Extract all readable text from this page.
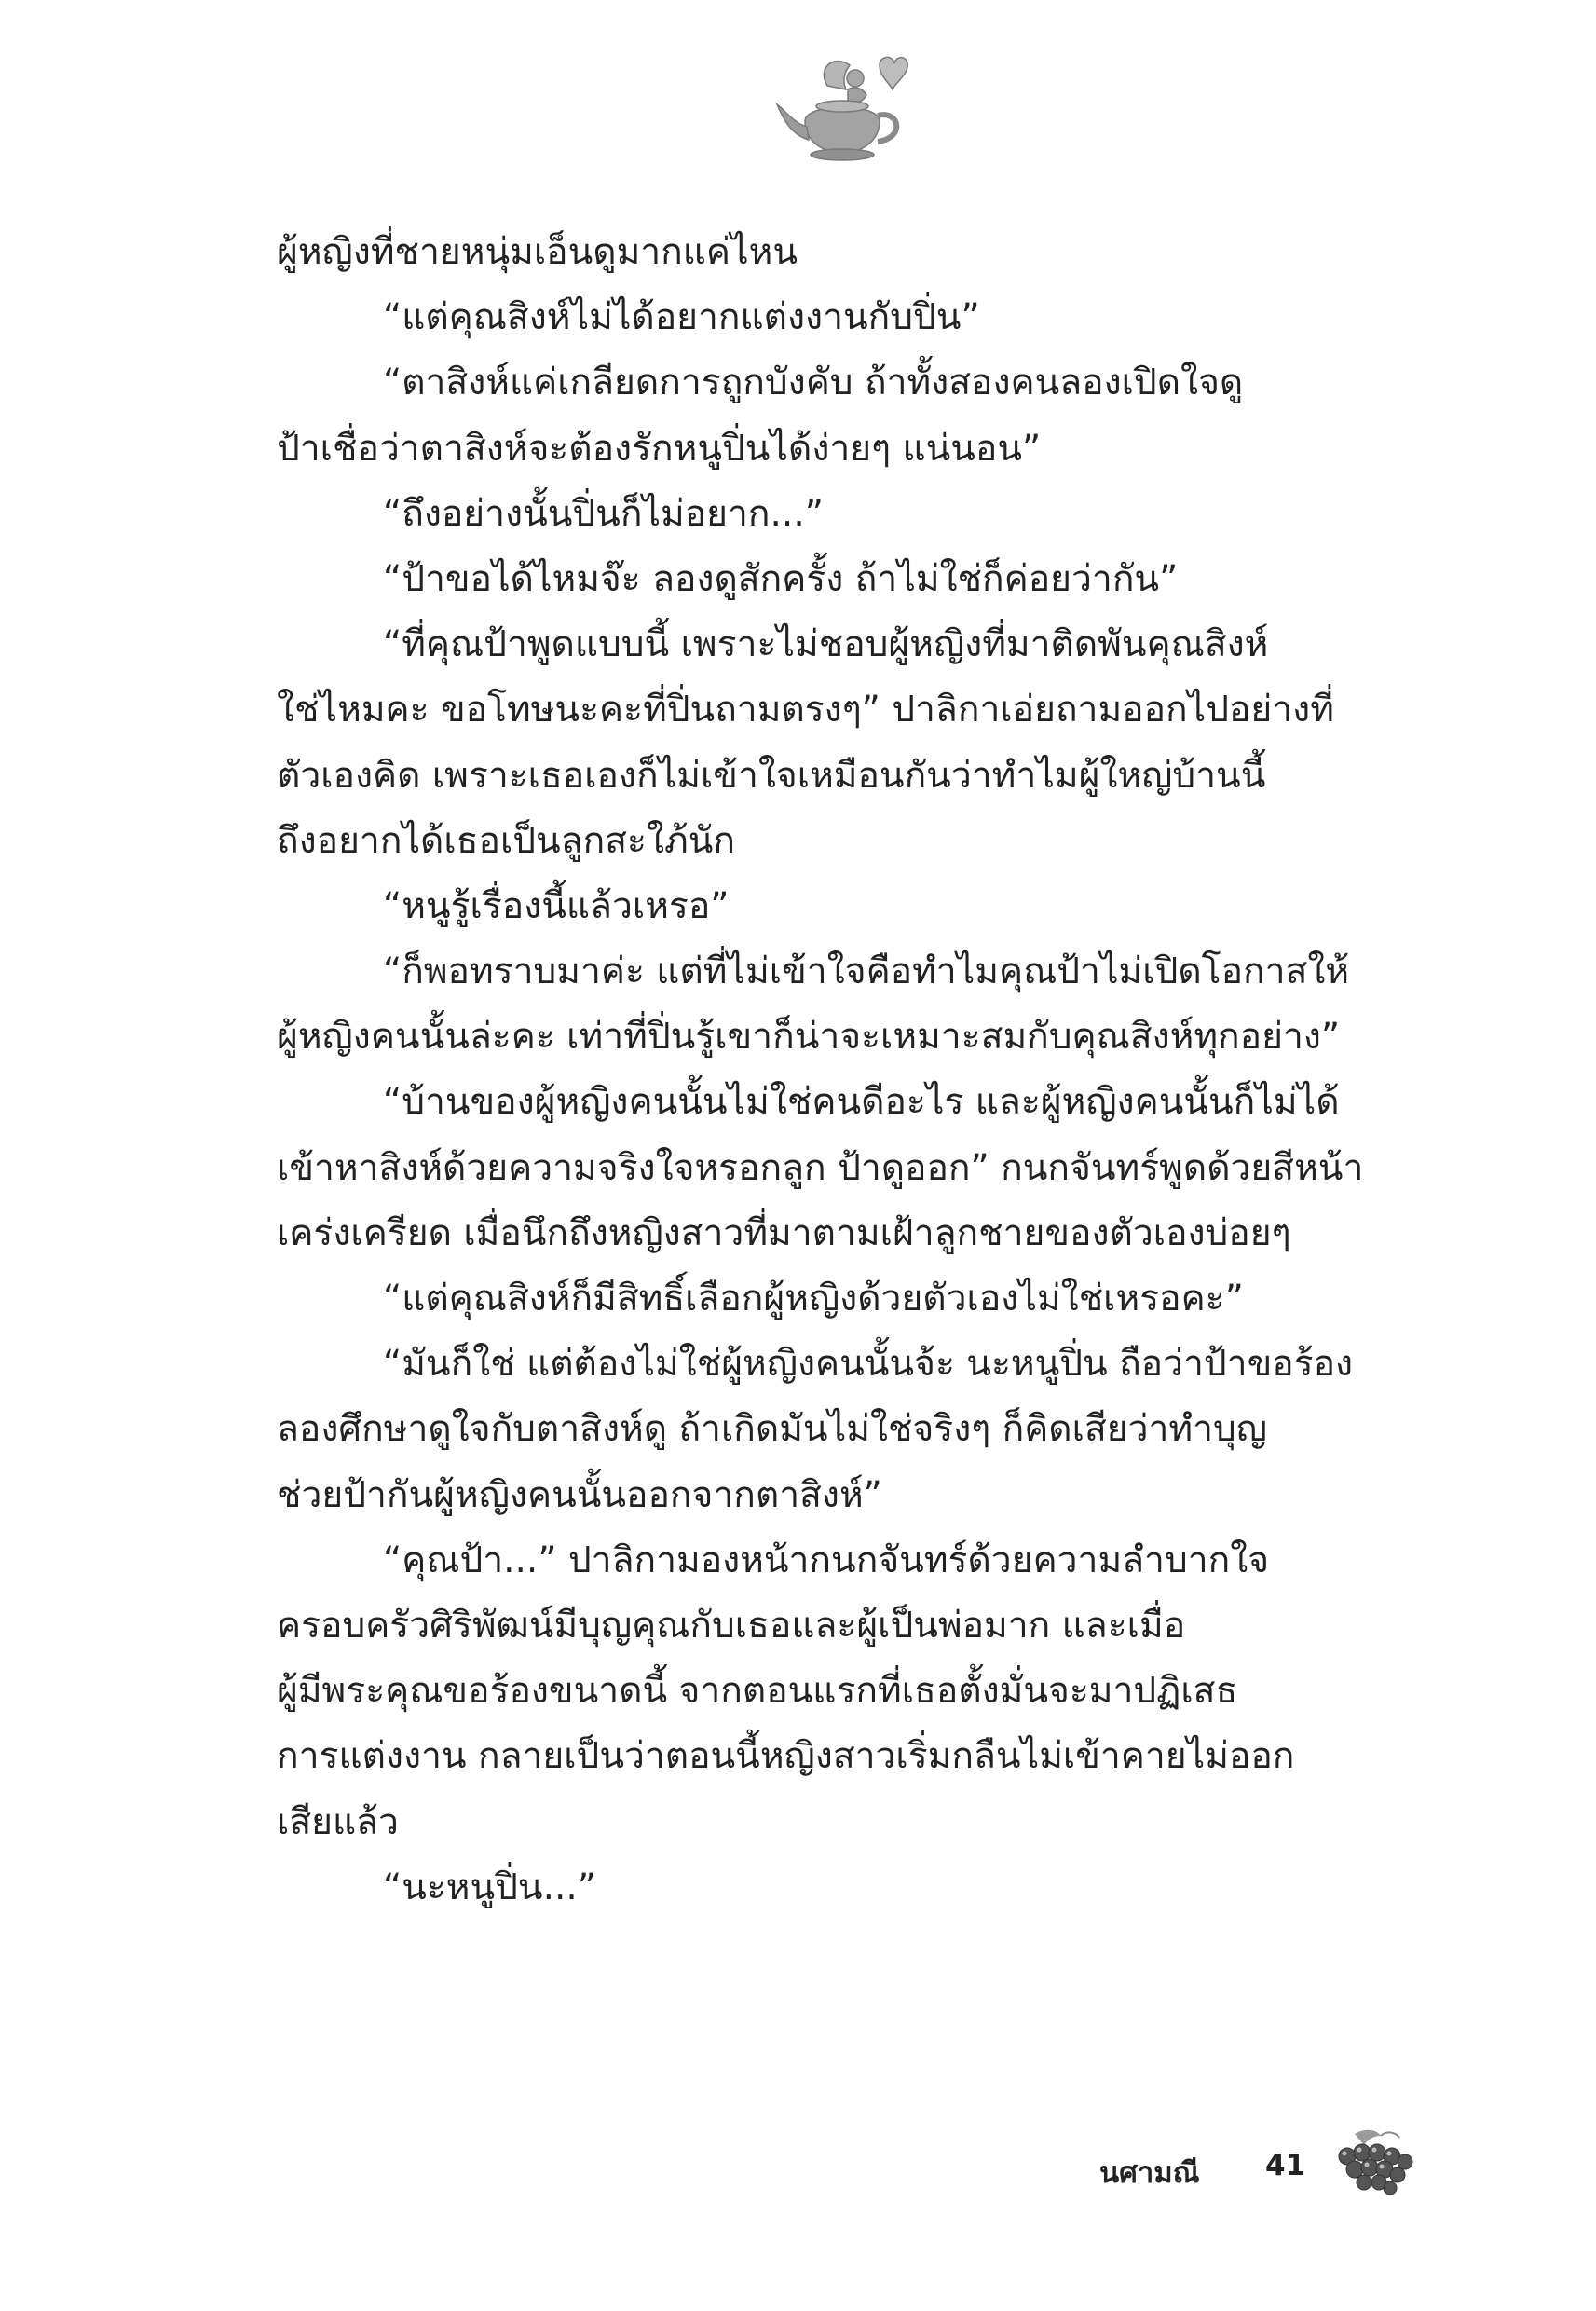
ผู้หญิงที่ชายหนุ่มเอ็นดูมากแค่ไหน
“แต่คุณสิงห์ไม่ได้อยากแต่งงานกับปิ่น”
“ตาสิงห์แค่เกลียดการถูกบังคับ ถ้าทั้งสองคนลองเปิดใจดู
ป้าเชื่อว่าตาสิงห์จะต้องรักหนูปิ่นได้ง่ายๆ แน่นอน”
“ถึงอย่างนั้นปิ่นก็ไม่อยาก...”
“ป้าขอได้ไหมจ๊ะ ลองดูสักครั้ง ถ้าไม่ใช่ก็ค่อยว่ากัน”
“ที่คุณป้าพูดแบบนี้ เพราะไม่ชอบผู้หญิงที่มาติดพันคุณสิงห์
ใช่ไหมคะ ขอโทษนะคะที่ปิ่นถามตรงๆ” ปาลิกาเอ่ยถามออกไปอย่างที่
ตัวเองคิด เพราะเธอเองก็ไม่เข้าใจเหมือนกันว่าทำไมผู้ใหญ่บ้านนี้
ถึงอยากได้เธอเป็นลูกสะใภ้นัก
“หนูรู้เรื่องนี้แล้วเหรอ”
“ก็พอทราบมาค่ะ แต่ที่ไม่เข้าใจคือทำไมคุณป้าไม่เปิดโอกาสให้
ผู้หญิงคนนั้นล่ะคะ เท่าที่ปิ่นรู้เขาก็น่าจะเหมาะสมกับคุณสิงห์ทุกอย่าง”
“บ้านของผู้หญิงคนนั้นไม่ใช่คนดีอะไร และผู้หญิงคนนั้นก็ไม่ได้
เข้าหาสิงห์ด้วยความจริงใจหรอกลูก ป้าดูออก” กนกจันทร์พูดด้วยสีหน้า
เคร่งเครียด เมื่อนึกถึงหญิงสาวที่มาตามเฝ้าลูกชายของตัวเองบ่อยๆ
“แต่คุณสิงห์ก็มีสิทธิ์เลือกผู้หญิงด้วยตัวเองไม่ใช่เหรอคะ”
“มันก็ใช่ แต่ต้องไม่ใช่ผู้หญิงคนนั้นจ้ะ นะหนูปิ่น ถือว่าป้าขอร้อง
ลองศึกษาดูใจกับตาสิงห์ดู ถ้าเกิดมันไม่ใช่จริงๆ ก็คิดเสียว่าทำบุญ
ช่วยป้ากันผู้หญิงคนนั้นออกจากตาสิงห์”
“คุณป้า...” ปาลิกามองหน้ากนกจันทร์ด้วยความลำบากใจ
ครอบครัวศิริพัฒน์มีบุญคุณกับเธอและผู้เป็นพ่อมาก และเมื่อ
ผู้มีพระคุณขอร้องขนาดนี้ จากตอนแรกที่เธอตั้งมั่นจะมาปฏิเสธ
การแต่งงาน กลายเป็นว่าตอนนี้หญิงสาวเริ่มกลืนไม่เข้าคายไม่ออก
เสียแล้ว
“นะหนูปิ่น...”
นศามณี 41
